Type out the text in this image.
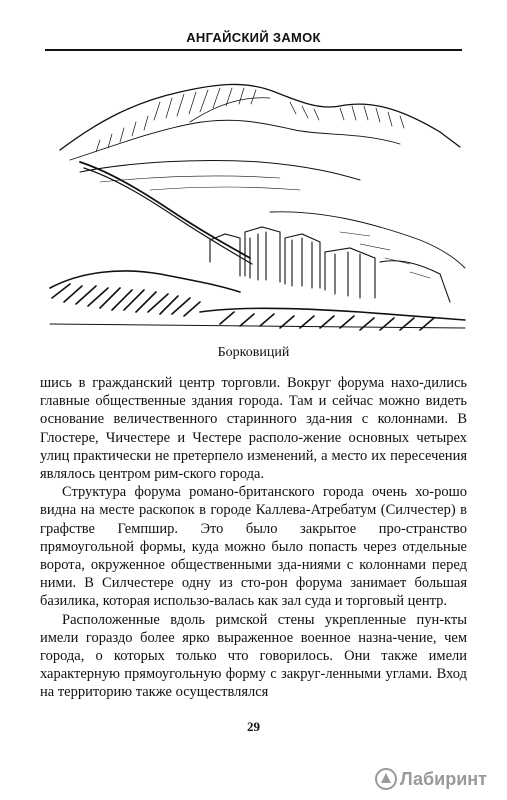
АНГАЙСКИЙ ЗАМОК
Борковиций

шись в гражданский центр торговли. Вокруг форума нахо-дились главные общественные здания города. Там и сейчас можно видеть основание величественного старинного зда-ния с колоннами. В Глостере, Чичестере и Честере располо-жение основных четырех улиц практически не претерпело изменений, а место их пересечения являлось центром рим-ского города.

Структура форума романо-британского города очень хо-рошо видна на месте раскопок в городе Каллева-Атребатум (Силчестер) в графстве Гемпшир. Это было закрытое про-странство прямоугольной формы, куда можно было попасть через отдельные ворота, окруженное общественными зда-ниями с колоннами перед ними. В Силчестере одну из сто-рон форума занимает большая базилика, которая использо-валась как зал суда и торговый центр.

Расположенные вдоль римской стены укрепленные пун-кты имели гораздо более ярко выраженное военное назна-чение, чем города, о которых только что говорилось. Они также имели характерную прямоугольную форму с закруг-ленными углами. Вход на территорию также осуществлялся

29
Лабиринт
